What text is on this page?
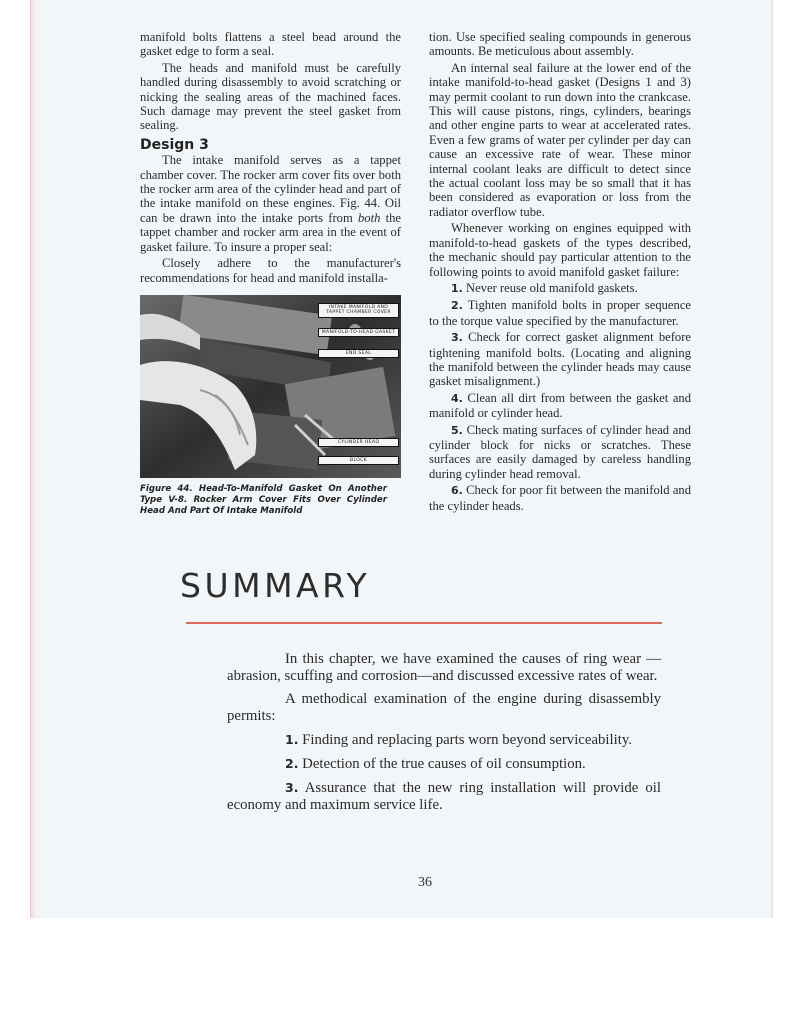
manifold bolts flattens a steel bead around the gasket edge to form a seal.

The heads and manifold must be carefully handled during disassembly to avoid scratching or nicking the sealing areas of the machined faces. Such damage may prevent the steel gasket from sealing.

Design 3

The intake manifold serves as a tappet chamber cover. The rocker arm cover fits over both the rocker arm area of the cylinder head and part of the intake manifold on these engines. Fig. 44. Oil can be drawn into the intake ports from both the tappet chamber and rocker arm area in the event of gasket failure. To insure a proper seal:

Closely adhere to the manufacturer's recommendations for head and manifold installa-

INTAKE MANIFOLD AND TAPPET CHAMBER COVER
MANIFOLD-TO-HEAD GASKET
END SEAL
CYLINDER HEAD
BLOCK
Figure 44. Head-To-Manifold Gasket On Another Type V-8. Rocker Arm Cover Fits Over Cylinder Head And Part Of Intake Manifold

tion. Use specified sealing compounds in generous amounts. Be meticulous about assembly.

An internal seal failure at the lower end of the intake manifold-to-head gasket (Designs 1 and 3) may permit coolant to run down into the crankcase. This will cause pistons, rings, cylinders, bearings and other engine parts to wear at accelerated rates. Even a few grams of water per cylinder per day can cause an excessive rate of wear. These minor internal coolant leaks are difficult to detect since the actual coolant loss may be so small that it has been considered as evaporation or loss from the radiator overflow tube.

Whenever working on engines equipped with manifold-to-head gaskets of the types described, the mechanic should pay particular attention to the following points to avoid manifold gasket failure:

1. Never reuse old manifold gaskets.

2. Tighten manifold bolts in proper sequence to the torque value specified by the manufacturer.

3. Check for correct gasket alignment before tightening manifold bolts. (Locating and aligning the manifold between the cylinder heads may cause gasket misalignment.)

4. Clean all dirt from between the gasket and manifold or cylinder head.

5. Check mating surfaces of cylinder head and cylinder block for nicks or scratches. These surfaces are easily damaged by careless handling during cylinder head removal.

6. Check for poor fit between the manifold and the cylinder heads.

SUMMARY

In this chapter, we have examined the causes of ring wear —abrasion, scuffing and corrosion—and discussed excessive rates of wear.

A methodical examination of the engine during disassembly permits:

1. Finding and replacing parts worn beyond serviceability.

2. Detection of the true causes of oil consumption.

3. Assurance that the new ring installation will provide oil economy and maximum service life.

36
